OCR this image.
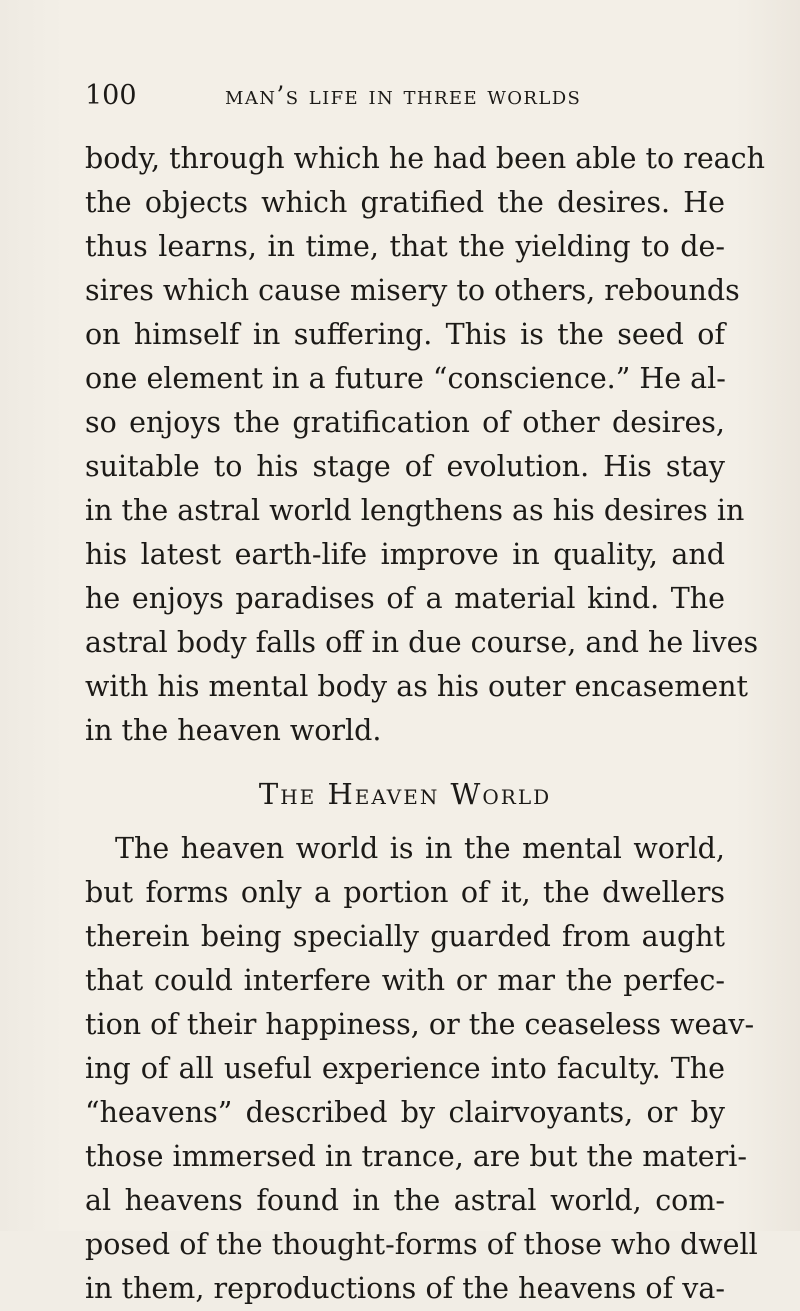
100	man’s life in three worlds
body, through which he had been able to reach
the objects which gratified the desires. He
thus learns, in time, that the yielding to de-
sires which cause misery to others, rebounds
on himself in suffering. This is the seed of
one element in a future “conscience.” He al-
so enjoys the gratification of other desires,
suitable to his stage of evolution. His stay
in the astral world lengthens as his desires in
his latest earth-life improve in quality, and
he enjoys paradises of a material kind. The
astral body falls off in due course, and he lives
with his mental body as his outer encasement
in the heaven world.
The Heaven World
The heaven world is in the mental world,
but forms only a portion of it, the dwellers
therein being specially guarded from aught
that could interfere with or mar the perfec-
tion of their happiness, or the ceaseless weav-
ing of all useful experience into faculty. The
“heavens” described by clairvoyants, or by
those immersed in trance, are but the materi-
al heavens found in the astral world, com-
posed of the thought-forms of those who dwell
in them, reproductions of the heavens of va-
